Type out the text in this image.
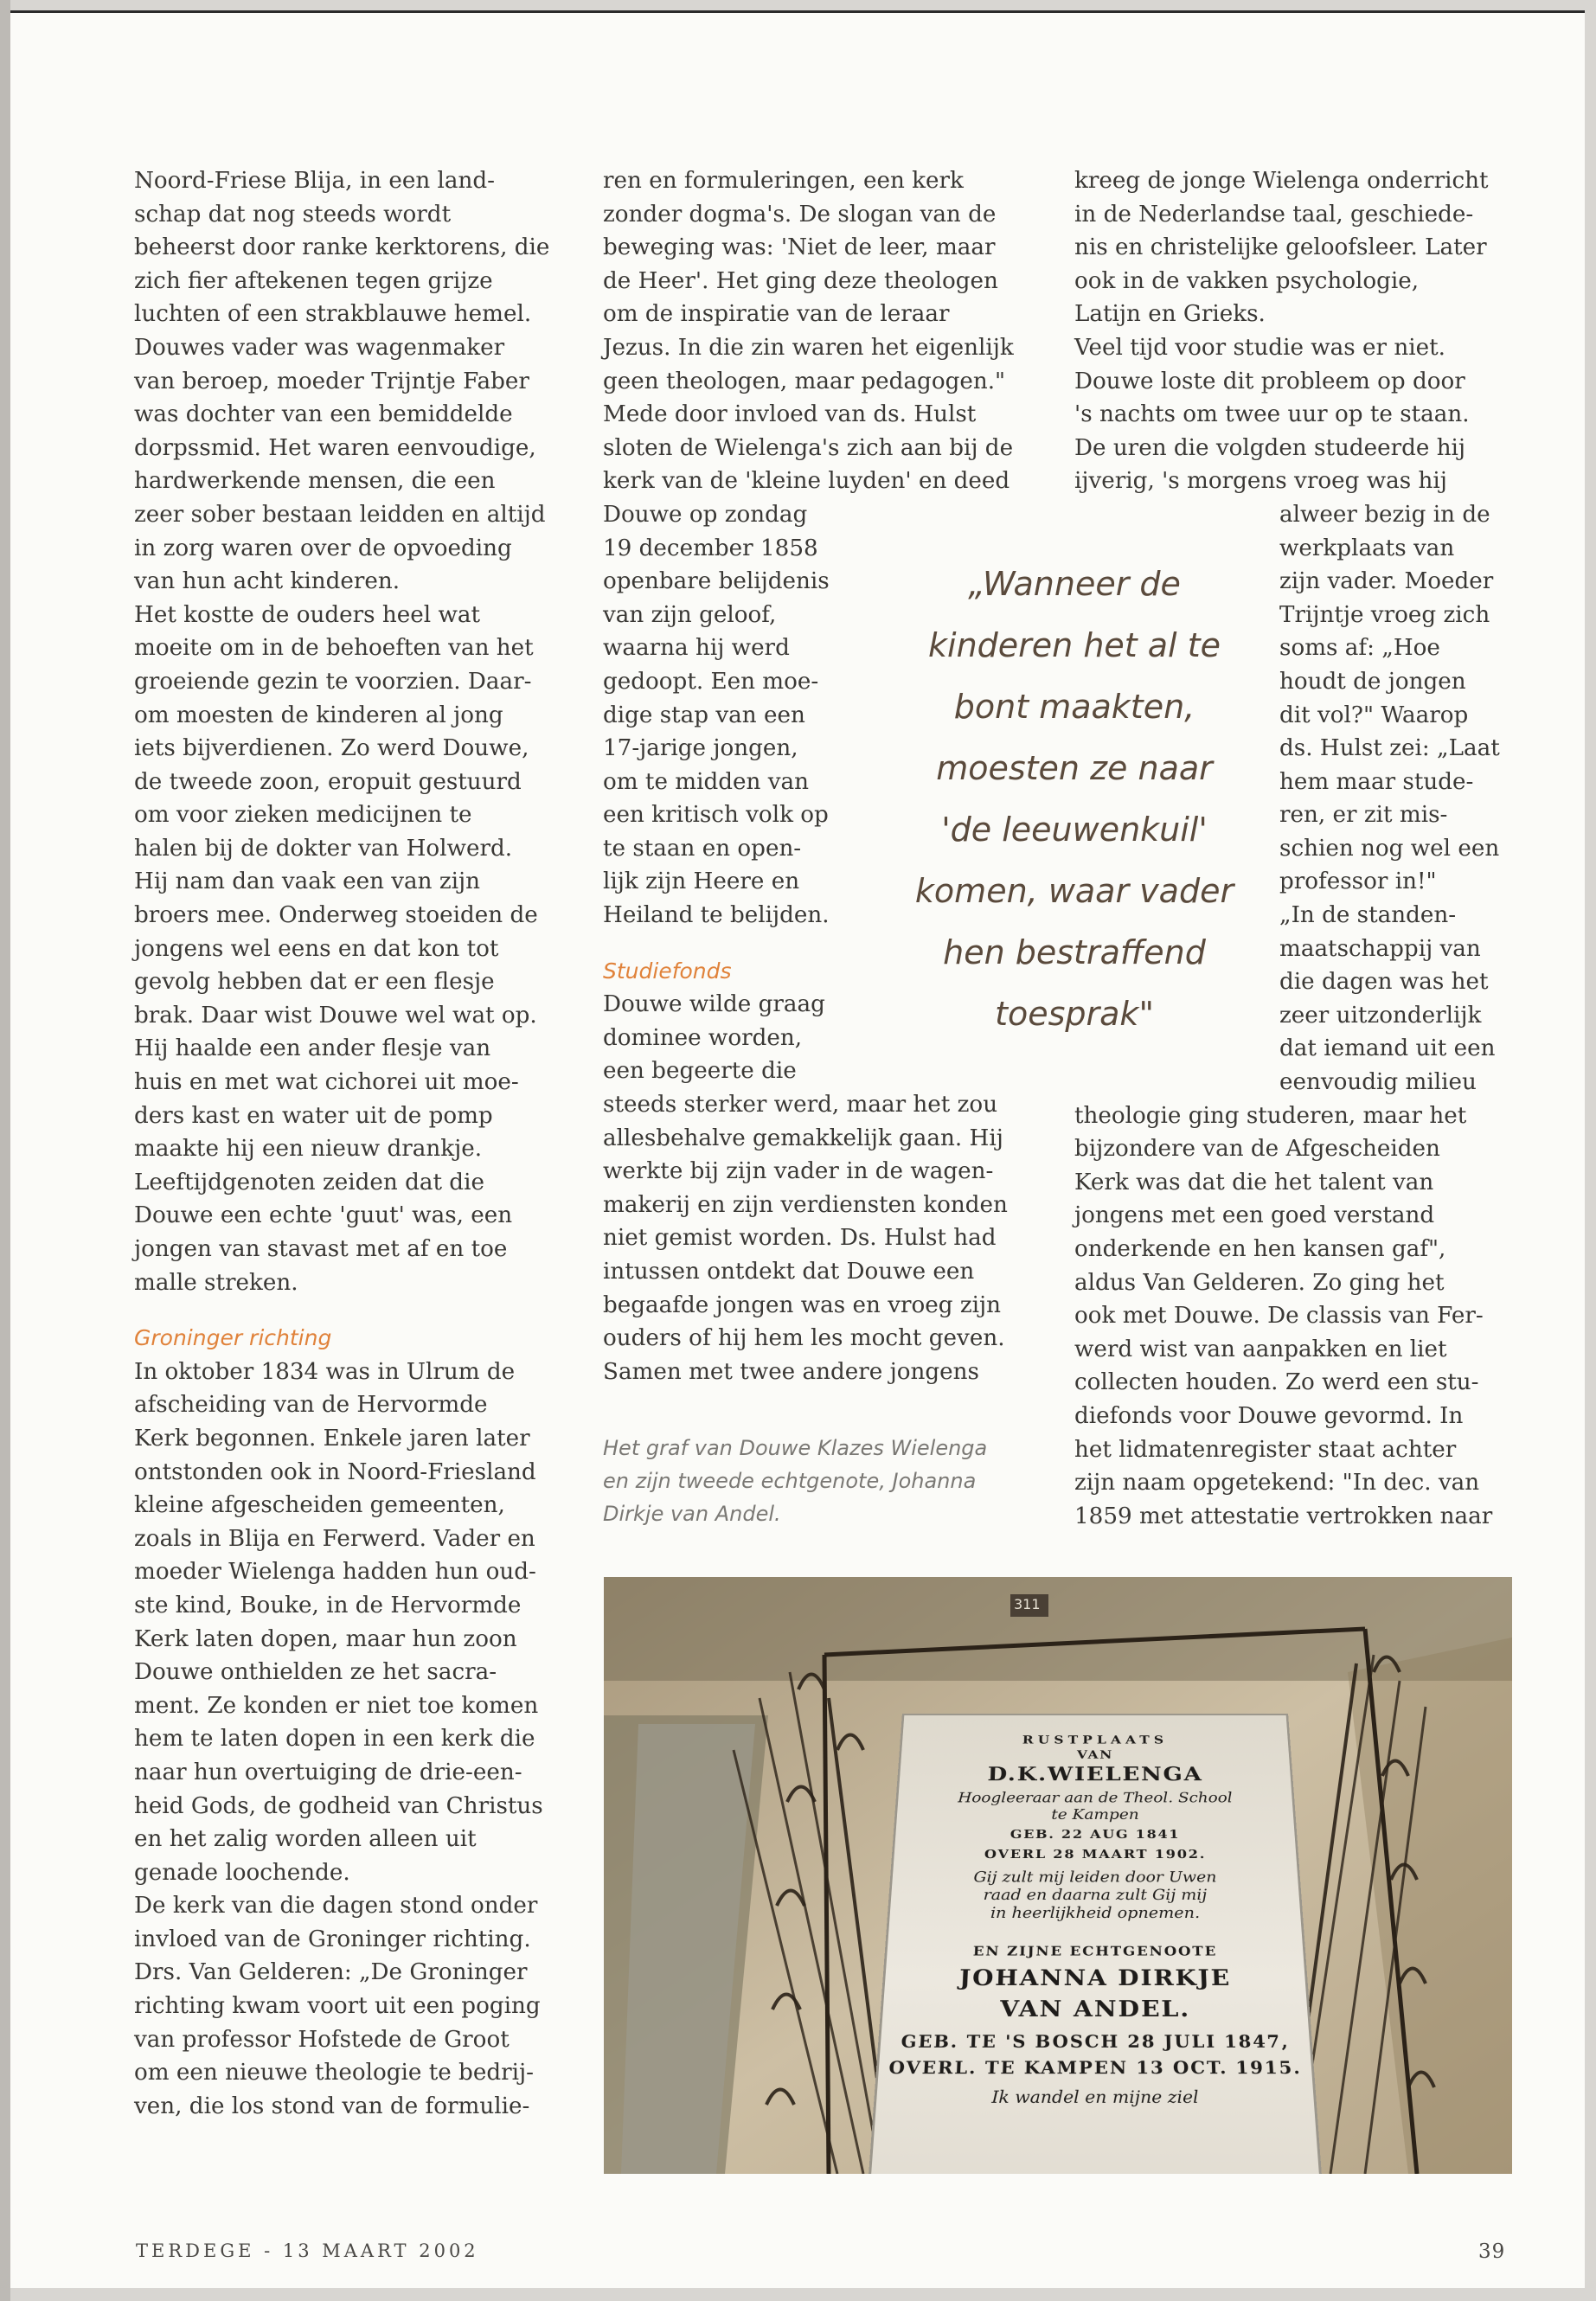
Noord-Friese Blija, in een land-
schap dat nog steeds wordt
beheerst door ranke kerktorens, die
zich fier aftekenen tegen grijze
luchten of een strakblauwe hemel.
Douwes vader was wagenmaker
van beroep, moeder Trijntje Faber
was dochter van een bemiddelde
dorpssmid. Het waren eenvoudige,
hardwerkende mensen, die een
zeer sober bestaan leidden en altijd
in zorg waren over de opvoeding
van hun acht kinderen.
Het kostte de ouders heel wat
moeite om in de behoeften van het
groeiende gezin te voorzien. Daar-
om moesten de kinderen al jong
iets bijverdienen. Zo werd Douwe,
de tweede zoon, eropuit gestuurd
om voor zieken medicijnen te
halen bij de dokter van Holwerd.
Hij nam dan vaak een van zijn
broers mee. Onderweg stoeiden de
jongens wel eens en dat kon tot
gevolg hebben dat er een flesje
brak. Daar wist Douwe wel wat op.
Hij haalde een ander flesje van
huis en met wat cichorei uit moe-
ders kast en water uit de pomp
maakte hij een nieuw drankje.
Leeftijdgenoten zeiden dat die
Douwe een echte 'guut' was, een
jongen van stavast met af en toe
malle streken.
Groninger richting
In oktober 1834 was in Ulrum de
afscheiding van de Hervormde
Kerk begonnen. Enkele jaren later
ontstonden ook in Noord-Friesland
kleine afgescheiden gemeenten,
zoals in Blija en Ferwerd. Vader en
moeder Wielenga hadden hun oud-
ste kind, Bouke, in de Hervormde
Kerk laten dopen, maar hun zoon
Douwe onthielden ze het sacra-
ment. Ze konden er niet toe komen
hem te laten dopen in een kerk die
naar hun overtuiging de drie-een-
heid Gods, de godheid van Christus
en het zalig worden alleen uit
genade loochende.
De kerk van die dagen stond onder
invloed van de Groninger richting.
Drs. Van Gelderen: „De Groninger
richting kwam voort uit een poging
van professor Hofstede de Groot
om een nieuwe theologie te bedrij-
ven, die los stond van de formulie-
ren en formuleringen, een kerk
zonder dogma's. De slogan van de
beweging was: 'Niet de leer, maar
de Heer'. Het ging deze theologen
om de inspiratie van de leraar
Jezus. In die zin waren het eigenlijk
geen theologen, maar pedagogen."
Mede door invloed van ds. Hulst
sloten de Wielenga's zich aan bij de
kerk van de 'kleine luyden' en deed
Douwe op zondag
19 december 1858
openbare belijdenis
van zijn geloof,
waarna hij werd
gedoopt. Een moe-
dige stap van een
17-jarige jongen,
om te midden van
een kritisch volk op
te staan en open-
lijk zijn Heere en
Heiland te belijden.
Studiefonds
Douwe wilde graag
dominee worden,
een begeerte die
steeds sterker werd, maar het zou
allesbehalve gemakkelijk gaan. Hij
werkte bij zijn vader in de wagen-
makerij en zijn verdiensten konden
niet gemist worden. Ds. Hulst had
intussen ontdekt dat Douwe een
begaafde jongen was en vroeg zijn
ouders of hij hem les mocht geven.
Samen met twee andere jongens
kreeg de jonge Wielenga onderricht
in de Nederlandse taal, geschiede-
nis en christelijke geloofsleer. Later
ook in de vakken psychologie,
Latijn en Grieks.
Veel tijd voor studie was er niet.
Douwe loste dit probleem op door
's nachts om twee uur op te staan.
De uren die volgden studeerde hij
ijverig, 's morgens vroeg was hij
alweer bezig in de
werkplaats van
zijn vader. Moeder
Trijntje vroeg zich
soms af: „Hoe
houdt de jongen
dit vol?" Waarop
ds. Hulst zei: „Laat
hem maar stude-
ren, er zit mis-
schien nog wel een
professor in!"
„In de standen-
maatschappij van
die dagen was het
zeer uitzonderlijk
dat iemand uit een
eenvoudig milieu
theologie ging studeren, maar het
bijzondere van de Afgescheiden
Kerk was dat die het talent van
jongens met een goed verstand
onderkende en hen kansen gaf",
aldus Van Gelderen. Zo ging het
ook met Douwe. De classis van Fer-
werd wist van aanpakken en liet
collecten houden. Zo werd een stu-
diefonds voor Douwe gevormd. In
het lidmatenregister staat achter
zijn naam opgetekend: "In dec. van
1859 met attestatie vertrokken naar
„Wanneer de
kinderen het al te
bont maakten,
moesten ze naar
'de leeuwenkuil'
komen, waar vader
hen bestraffend
toesprak"
Het graf van Douwe Klazes Wielenga
en zijn tweede echtgenote, Johanna
Dirkje van Andel.
311
RUSTPLAATS
VAN
D.K.WIELENGA
Hoogleeraar aan de Theol. School
te Kampen
GEB. 22 AUG 1841
OVERL 28 MAART 1902.
Gij zult mij leiden door Uwen
raad en daarna zult Gij mij
in heerlijkheid opnemen.
EN ZIJNE ECHTGENOOTE
JOHANNA DIRKJE
VAN ANDEL.
GEB. TE 'S BOSCH 28 JULI 1847,
OVERL. TE KAMPEN 13 OCT. 1915.
Ik wandel en mijne ziel
TERDEGE - 13 MAART 2002	39
